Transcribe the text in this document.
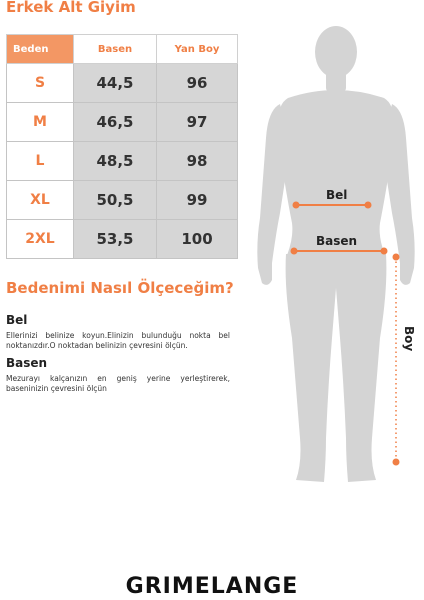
Erkek Alt Giyim
Beden	Basen	Yan Boy
S	44,5	96
M	46,5	97
L	48,5	98
XL	50,5	99
2XL	53,5	100
Bedenimi Nasıl Ölçeceğim?
Bel
Ellerinizi belinize koyun.Elinizin bulunduğu nokta bel noktanızdır.O noktadan belinizin çevresini ölçün.
Basen
Mezurayı kalçanızın en geniş yerine yerleştirerek, baseninizin çevresini ölçün
Bel
Basen
Boy
GRIMELANGE
